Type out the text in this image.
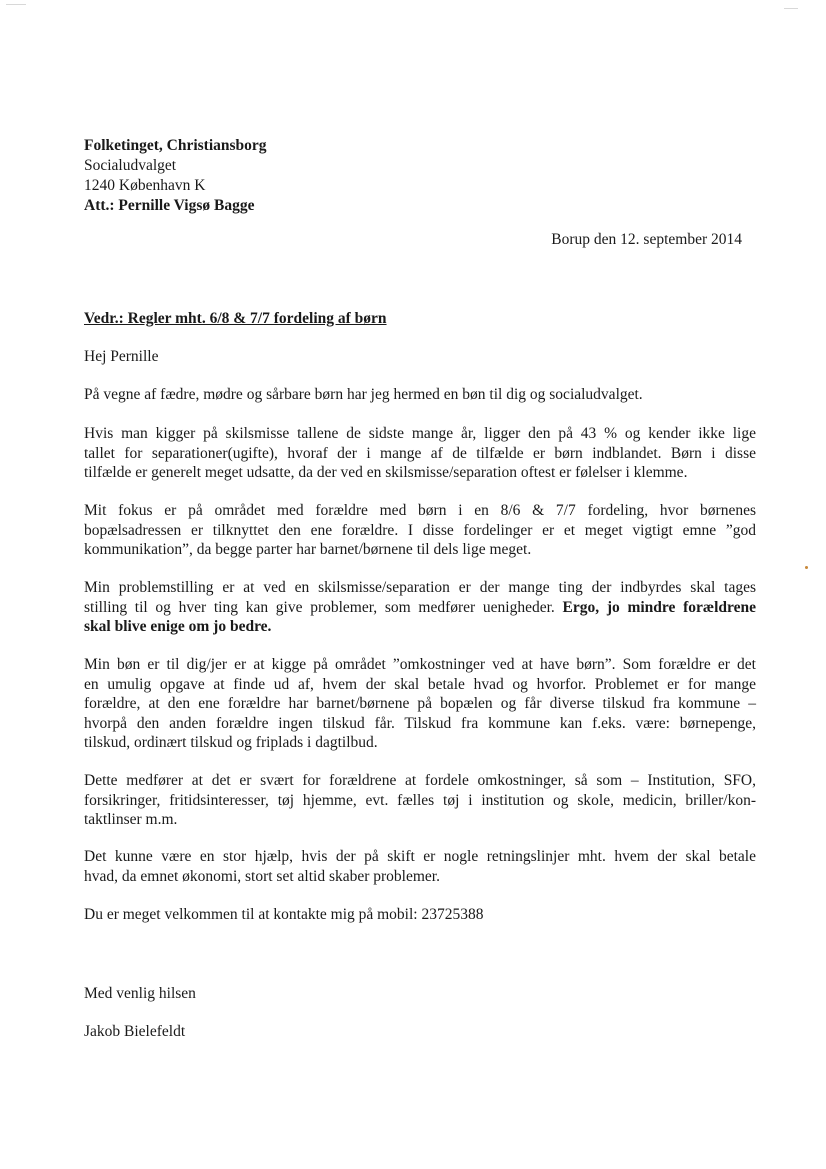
Folketinget, Christiansborg
Socialudvalget
1240 København K
Att.: Pernille Vigsø Bagge
Borup den 12. september 2014
Vedr.: Regler mht. 6/8 & 7/7 fordeling af børn
Hej Pernille
På vegne af fædre, mødre og sårbare børn har jeg hermed en bøn til dig og socialudvalget.
Hvis man kigger på skilsmisse tallene de sidste mange år, ligger den på 43 % og kender ikke lige
tallet for separationer(ugifte), hvoraf der i mange af de tilfælde er børn indblandet. Børn i disse
tilfælde er generelt meget udsatte, da der ved en skilsmisse/separation oftest er følelser i klemme.
Mit fokus er på området med forældre med børn i en 8/6 & 7/7 fordeling, hvor børnenes
bopælsadressen er tilknyttet den ene forældre. I disse fordelinger er et meget vigtigt emne ”god
kommunikation”, da begge parter har barnet/børnene til dels lige meget.
Min problemstilling er at ved en skilsmisse/separation er der mange ting der indbyrdes skal tages
stilling til og hver ting kan give problemer, som medfører uenigheder. Ergo, jo mindre forældrene
skal blive enige om jo bedre.
Min bøn er til dig/jer er at kigge på området ”omkostninger ved at have børn”. Som forældre er det
en umulig opgave at finde ud af, hvem der skal betale hvad og hvorfor. Problemet er for mange
forældre, at den ene forældre har barnet/børnene på bopælen og får diverse tilskud fra kommune –
hvorpå den anden forældre ingen tilskud får. Tilskud fra kommune kan f.eks. være: børnepenge,
tilskud, ordinært tilskud og friplads i dagtilbud.
Dette medfører at det er svært for forældrene at fordele omkostninger, så som – Institution, SFO,
forsikringer, fritidsinteresser, tøj hjemme, evt. fælles tøj i institution og skole, medicin, briller/kon-
taktlinser m.m.
Det kunne være en stor hjælp, hvis der på skift er nogle retningslinjer mht. hvem der skal betale
hvad, da emnet økonomi, stort set altid skaber problemer.
Du er meget velkommen til at kontakte mig på mobil: 23725388
Med venlig hilsen
Jakob Bielefeldt
